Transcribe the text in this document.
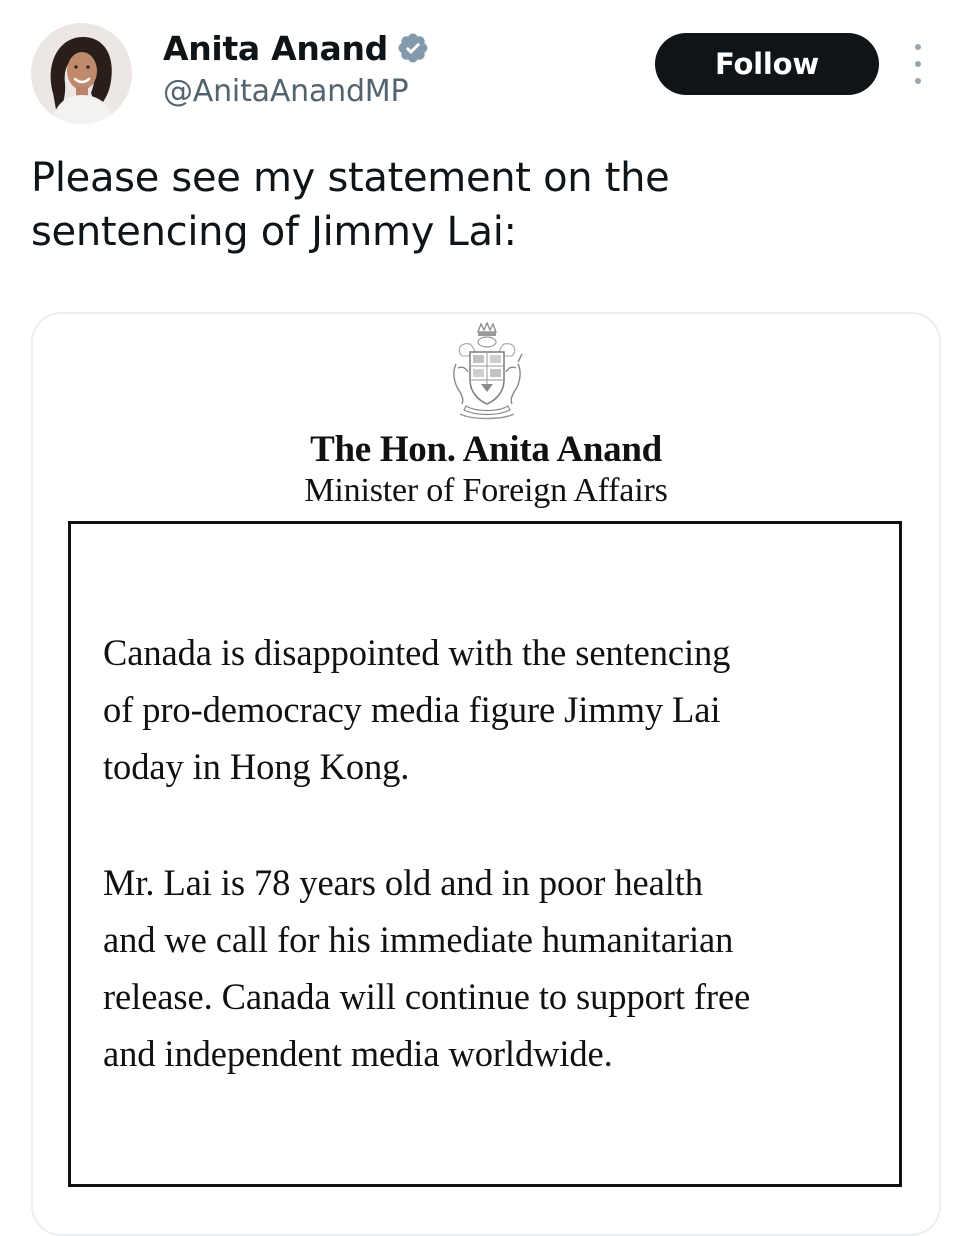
Anita Anand
@AnitaAnandMP
Follow

Please see my statement on the
sentencing of Jimmy Lai:

The Hon. Anita Anand
Minister of Foreign Affairs

Canada is disappointed with the sentencing
of pro-democracy media figure Jimmy Lai
today in Hong Kong.

Mr. Lai is 78 years old and in poor health
and we call for his immediate humanitarian
release. Canada will continue to support free
and independent media worldwide.
